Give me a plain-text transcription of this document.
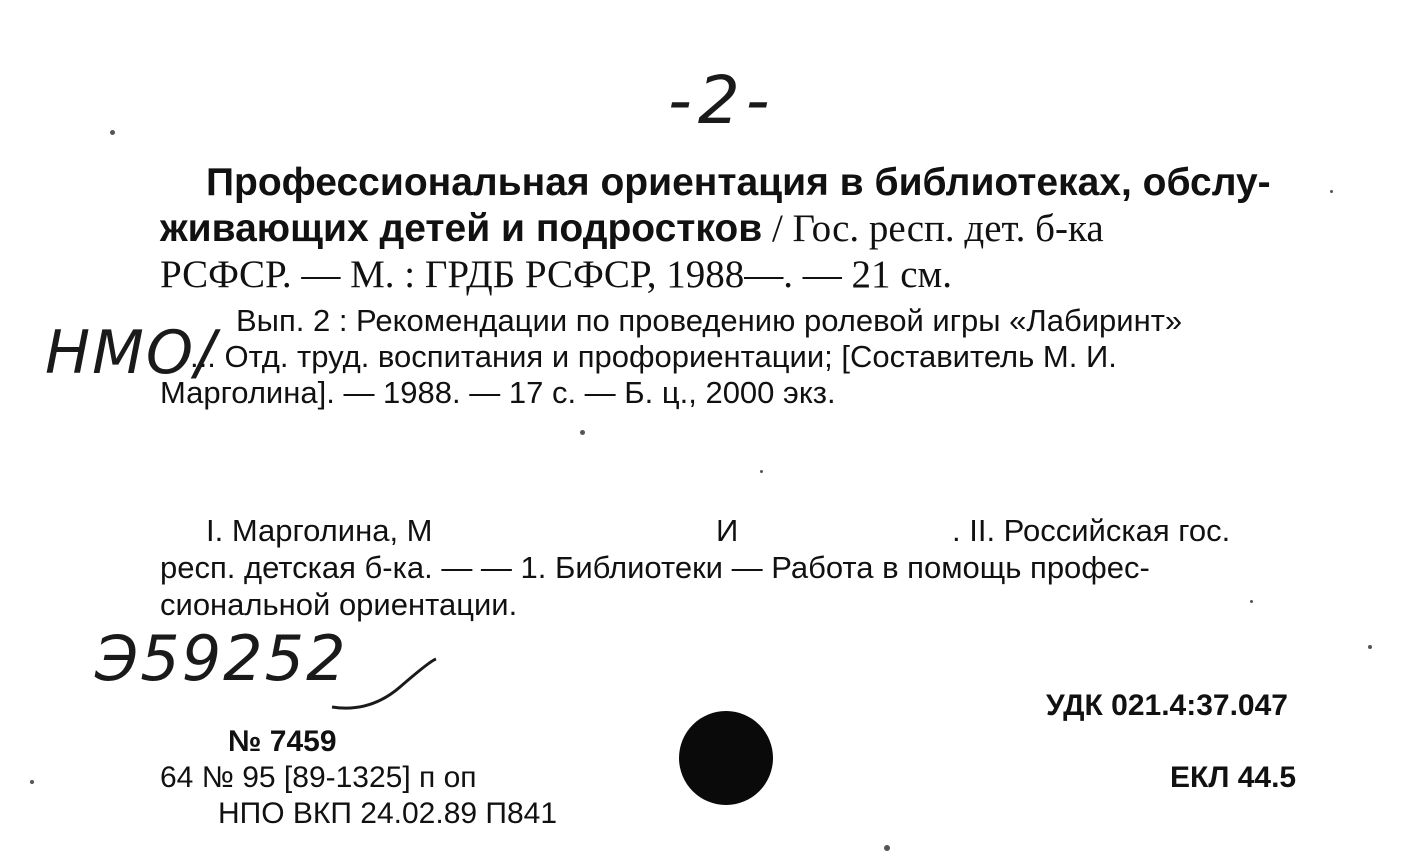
-2-
НМО/
Профессиональная ориентация в библиотеках, обслу-
живающих детей и подростков / Гос. респ. дет. б-ка
РСФСР. — М. : ГРДБ РСФСР, 1988—. — 21 см.
Вып. 2 : Рекомендации по проведению ролевой игры «Лабиринт»
... Отд. труд. воспитания и профориентации; [Составитель М. И.
Марголина]. — 1988. — 17 с. — Б. ц., 2000 экз.
I. Марголина, М	И	. II. Российская гос.
респ. детская б-ка. — — 1. Библиотеки — Работа в помощь профес-
сиональной ориентации.
Э59252
№ 7459
64 № 95 [89-1325] п оп
НПО ВКП 24.02.89 П841
УДК 021.4:37.047
ЕКЛ 44.5
